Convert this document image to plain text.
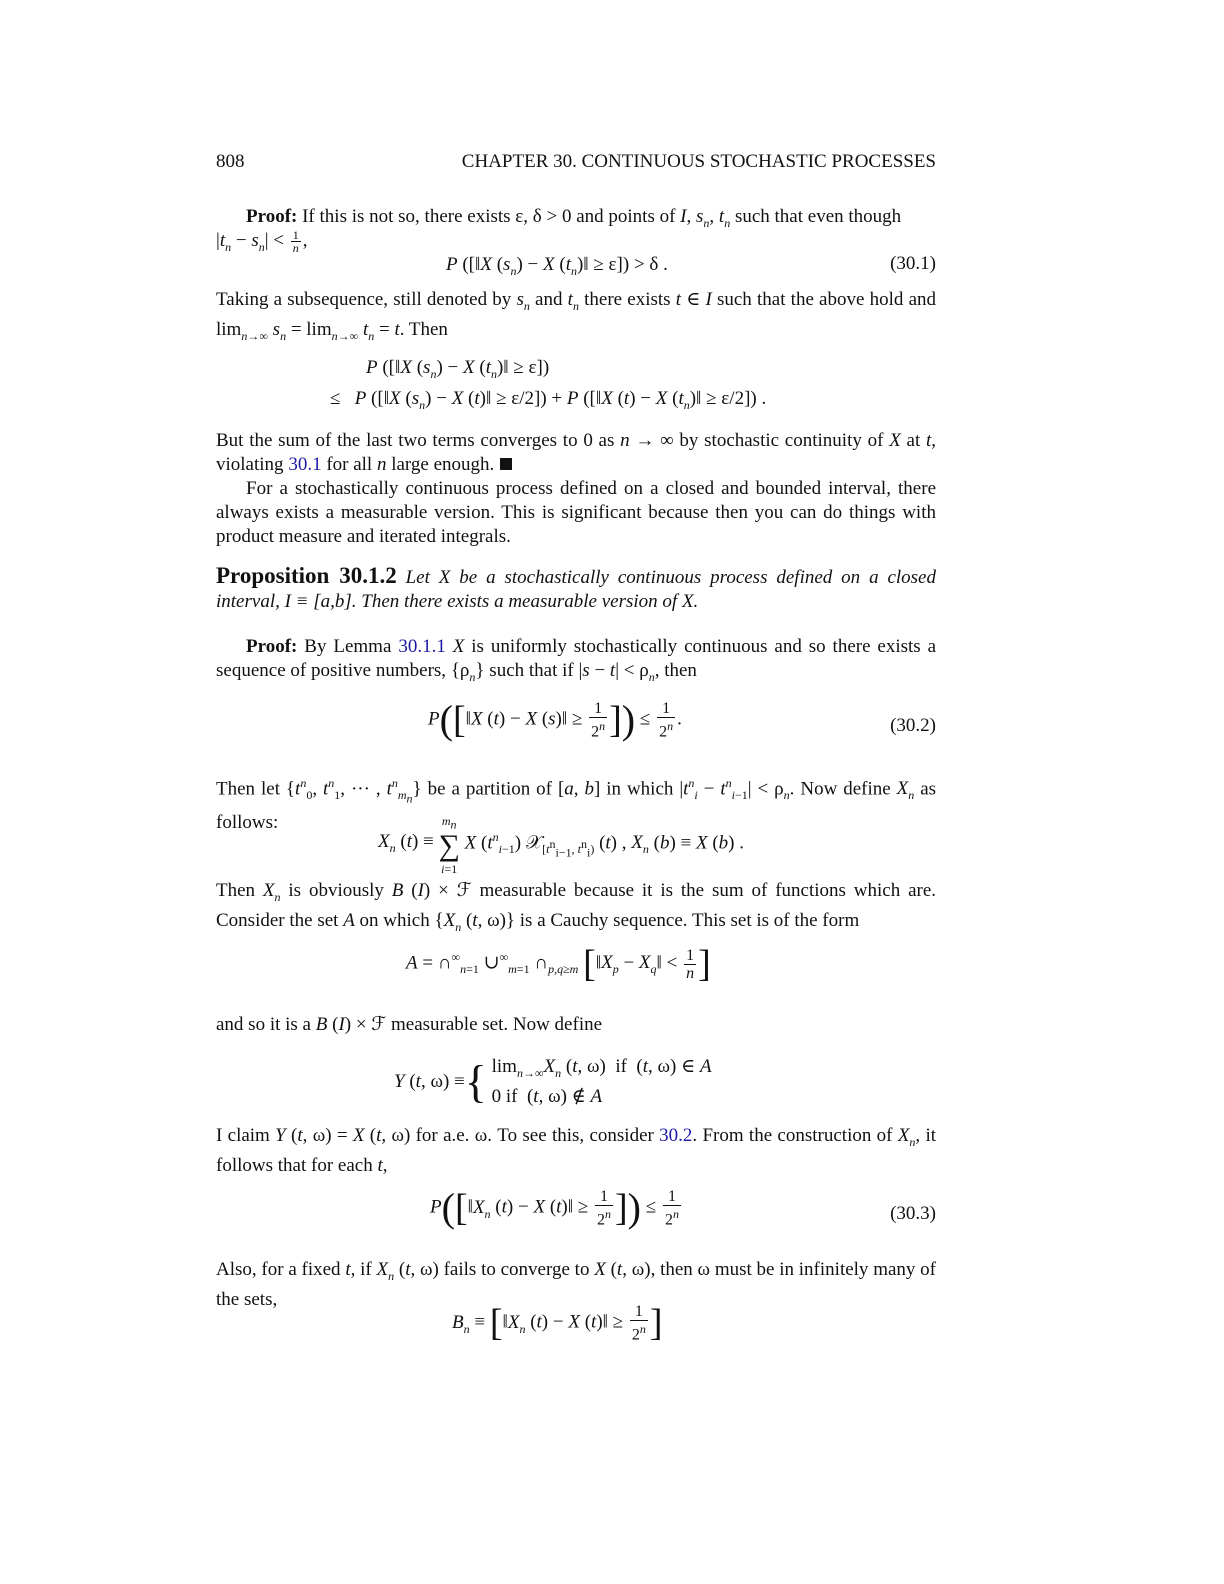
808	CHAPTER 30. CONTINUOUS STOCHASTIC PROCESSES
Proof: If this is not so, there exists ε, δ > 0 and points of I, $s_n$, $t_n$ such that even though
$|t_n - s_n| < \frac{1}{n}$ ,
P ([‖X $(s_n) - X$ $(t_n)‖ \ge \varepsilon]) > \delta$ .	(30.1)
Taking a subsequence, still denoted by $s_n$ and $t_n$ there exists t ∈ I such that the above hold and $\lim_{n\to\infty} s_n = \lim_{n\to\infty} t_n = t$. Then
P ([‖X $(s_n) - X$ $(t_n)‖ \ge \varepsilon$])
≤   P ([‖X $(s_n) - X$ (t)‖ ≥ ε/2]) + P ([‖X (t) − X $(t_n)‖ \ge \varepsilon/2$]) .
But the sum of the last two terms converges to 0 as n → ∞ by stochastic continuity of X at t, violating 30.1 for all n large enough.
For a stochastically continuous process defined on a closed and bounded interval, there always exists a measurable version. This is significant because then you can do things with product measure and iterated integrals.
Proposition 30.1.2 Let X be a stochastically continuous process defined on a closed interval, I ≡ [a,b]. Then there exists a measurable version of X.
Proof: By Lemma 30.1.1 X is uniformly stochastically continuous and so there exists a sequence of positive numbers, $\{\rho_n\}$ such that if $|s - t| < \rho_n$, then
P([‖X (t) − X (s)‖ ≥ $\frac{1}{2^n}$ ]) ≤ $\frac{1}{2^n}$ .	(30.2)
Then let {$t^n_0$, $t^n_1$, ··· , $t^n_{m_n}$} be a partition of [a, b] in which $|t^n_i - t^n_{i-1}| < \rho_n$. Now define $X_n$ as follows:
$X_n$ $(t) \equiv m_n$
∑
i=1 X $(t^n_{i-1})$ 𝒳$_{[t^n_{i-1}, t^n_i)}$ (t) , $X_n$ (b) ≡ X (b) .
Then $X_n$ is obviously B (I) × ℱ measurable because it is the sum of functions which are. Consider the set A on which {$X_n$ (t, ω)} is a Cauchy sequence. This set is of the form
$A = \cap^\infty_{n=1}$ $\cup^\infty_{m=1}$ $\cap_{p,q\ge m}$ [$‖X_p$ − $X_q‖ < \frac{1}{n}$ ]
and so it is a B (I) × ℱ measurable set. Now define
Y (t, ω) ≡{ $\lim_{n\to\infty}X_n$ (t, ω)  if  (t, ω) ∈ A
0 if  (t, ω) ∉ A
I claim Y (t, ω) = X (t, ω) for a.e. ω. To see this, consider 30.2. From the construction of $X_n$, it follows that for each t,
$P([‖X_n$ (t) − X (t)‖ ≥ $\frac{1}{2^n}$ ]) ≤ $\frac{1}{2^n}$	(30.3)
Also, for a fixed t, if $X_n$ (t, ω) fails to converge to X (t, ω), then ω must be in infinitely many of the sets,
$B_n$ ≡ [$‖X_n$ (t) − X (t)‖ ≥ $\frac{1}{2^n}$ ]
